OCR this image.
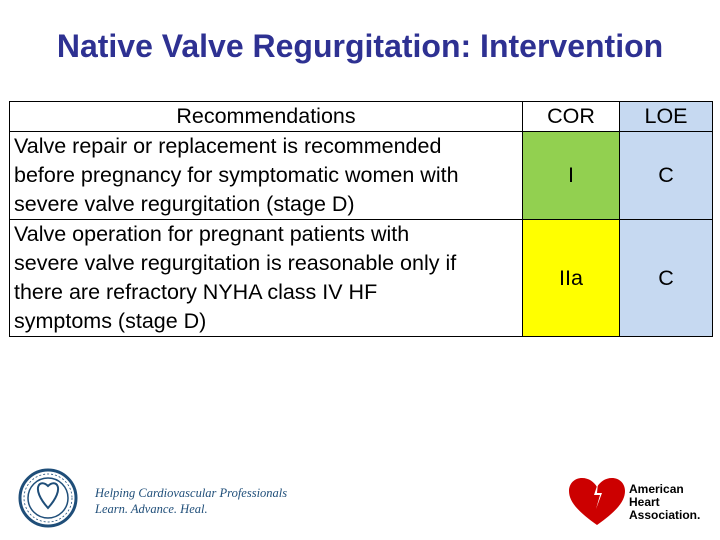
Native Valve Regurgitation: Intervention
Recommendations	COR	LOE

Valve repair or replacement is recommended
before pregnancy for symptomatic women with
severe valve regurgitation (stage D)	I	C

Valve operation for pregnant patients with
severe valve regurgitation is reasonable only if
there are refractory NYHA class IV HF
symptoms (stage D)	IIa	C
Helping Cardiovascular Professionals
Learn. Advance. Heal.
American
Heart
Association.
